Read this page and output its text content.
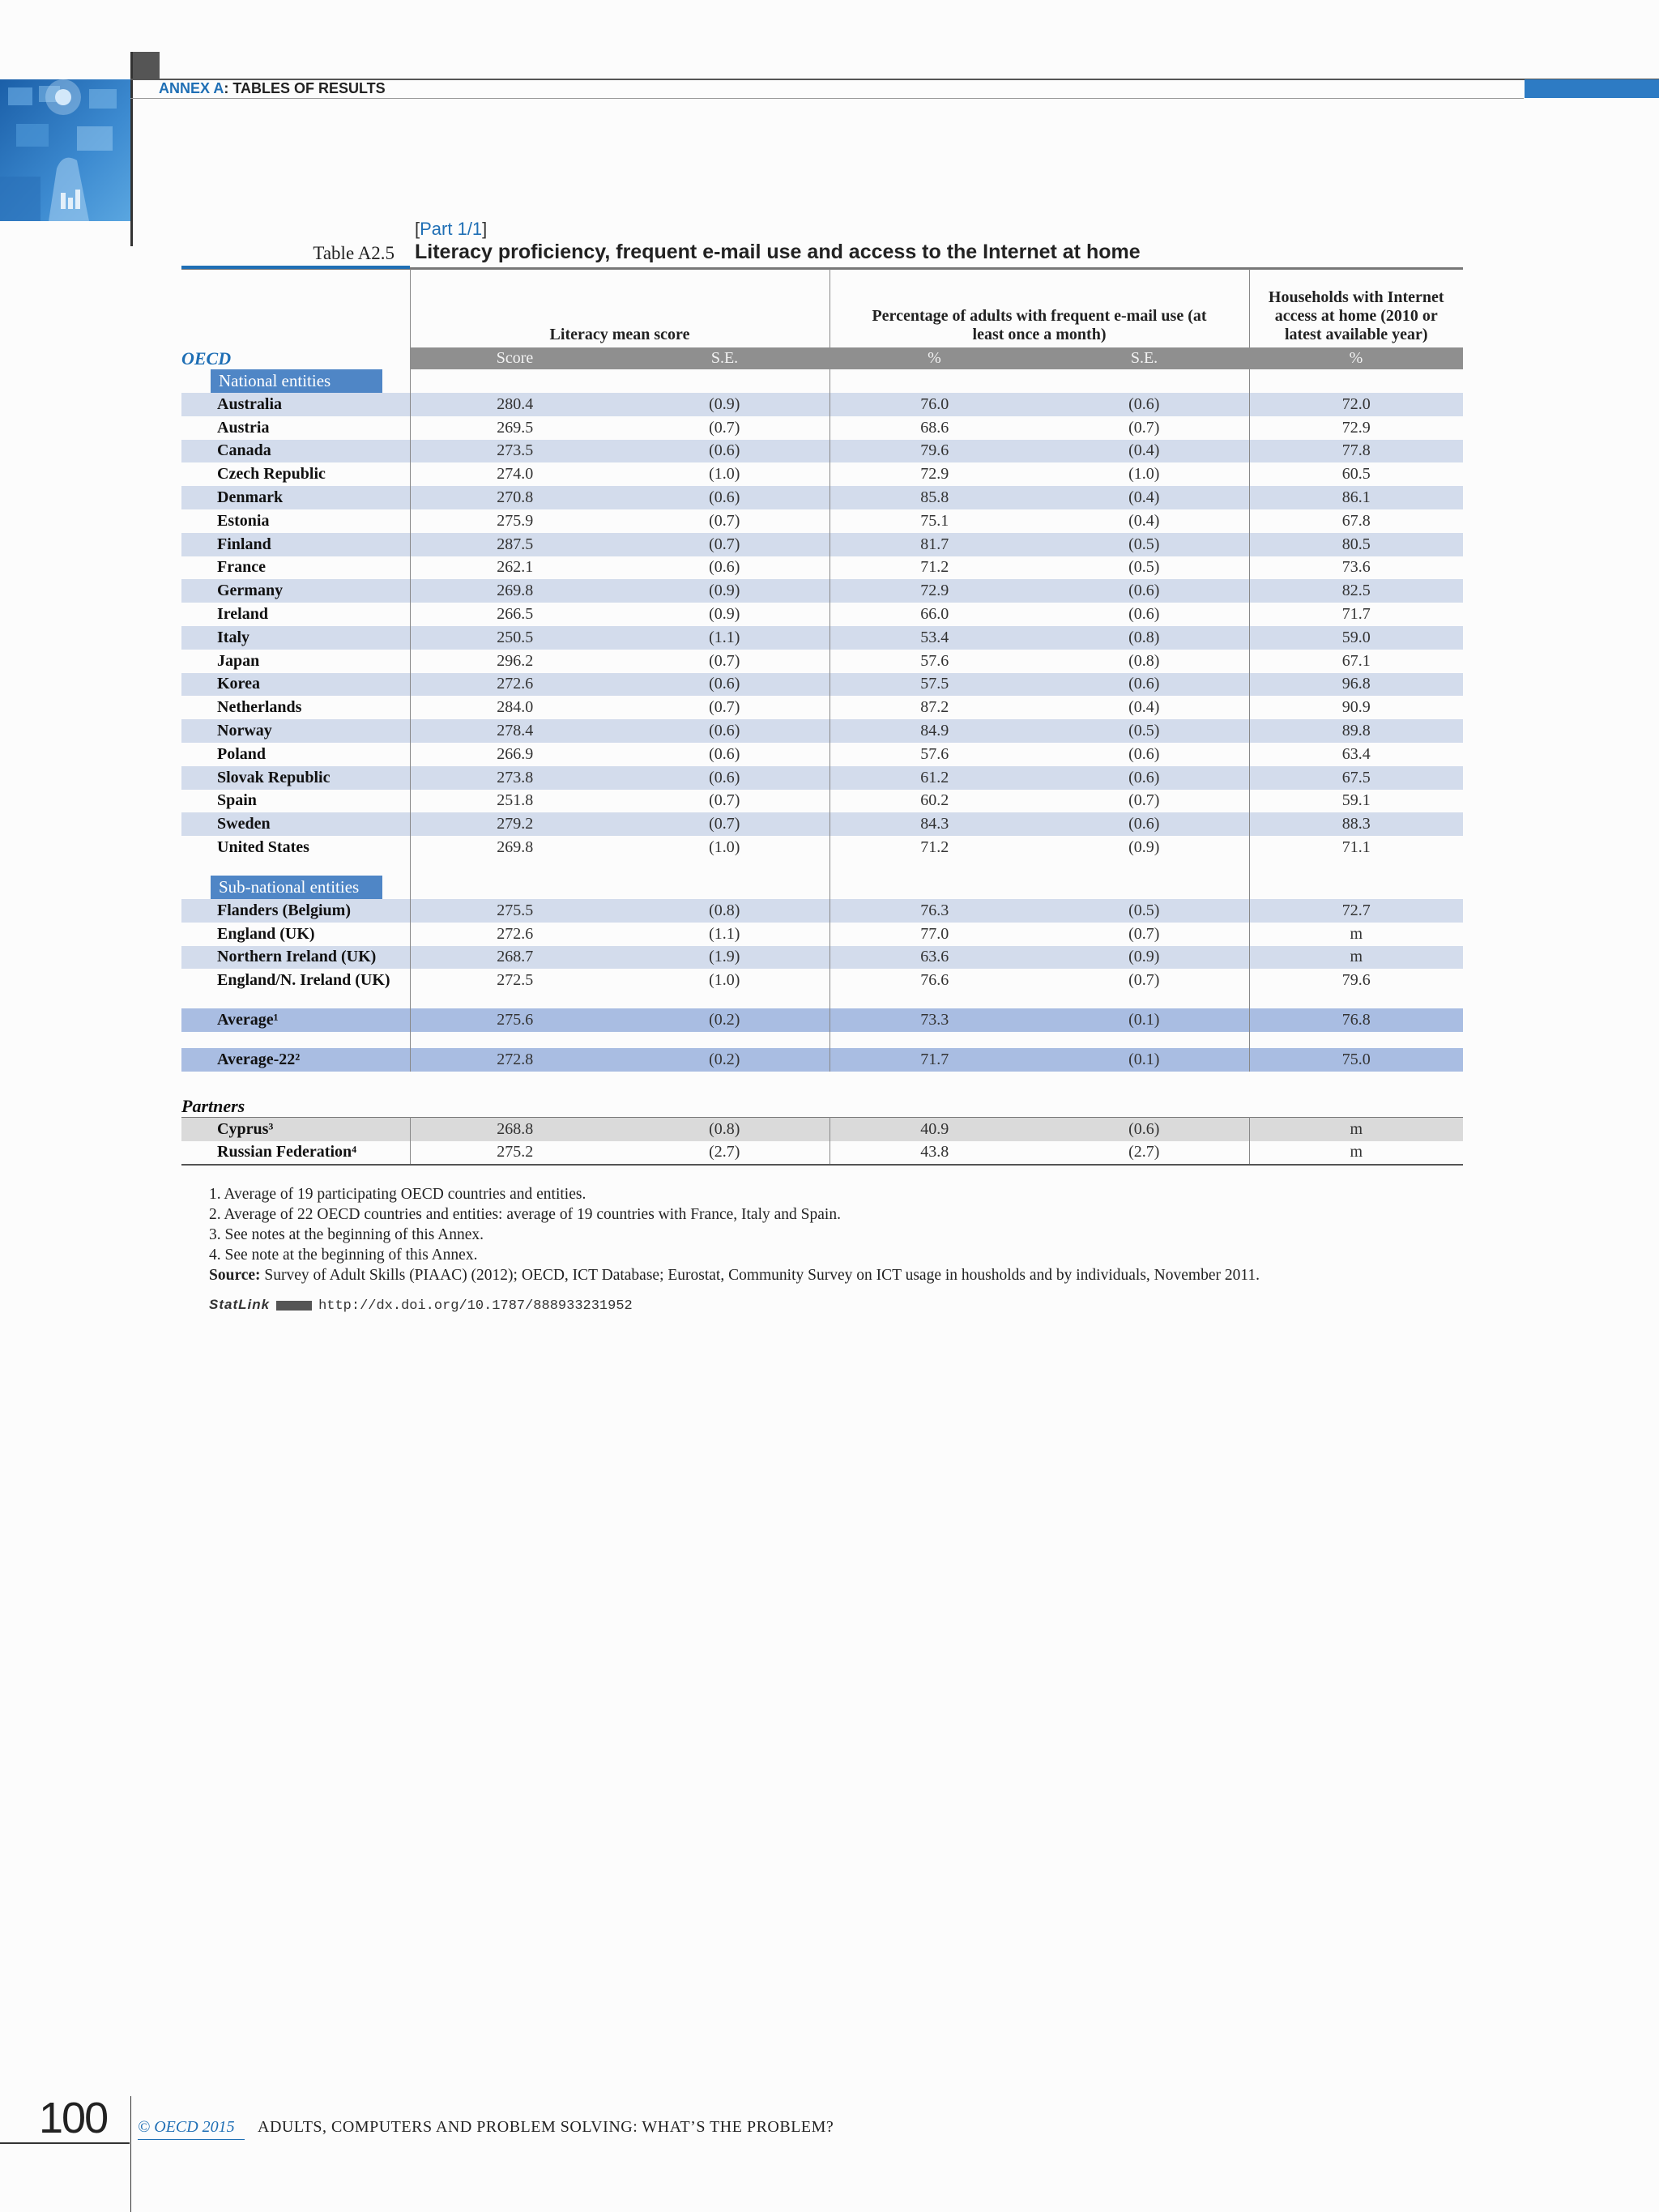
ANNEX A: TABLES OF RESULTS
[Part 1/1]
Table A2.5 Literacy proficiency, frequent e-mail use and access to the Internet at home
	Literacy mean score		Percentage of adults with frequent e-mail use (at least once a month)		Households with Internet access at home (2010 or latest available year)
OECD	Score	S.E.	%	S.E.	%

National entities					

Australia	280.4	(0.9)	76.0	(0.6)	72.0
Austria	269.5	(0.7)	68.6	(0.7)	72.9
Canada	273.5	(0.6)	79.6	(0.4)	77.8
Czech Republic	274.0	(1.0)	72.9	(1.0)	60.5
Denmark	270.8	(0.6)	85.8	(0.4)	86.1
Estonia	275.9	(0.7)	75.1	(0.4)	67.8
Finland	287.5	(0.7)	81.7	(0.5)	80.5
France	262.1	(0.6)	71.2	(0.5)	73.6
Germany	269.8	(0.9)	72.9	(0.6)	82.5
Ireland	266.5	(0.9)	66.0	(0.6)	71.7
Italy	250.5	(1.1)	53.4	(0.8)	59.0
Japan	296.2	(0.7)	57.6	(0.8)	67.1
Korea	272.6	(0.6)	57.5	(0.6)	96.8
Netherlands	284.0	(0.7)	87.2	(0.4)	90.9
Norway	278.4	(0.6)	84.9	(0.5)	89.8
Poland	266.9	(0.6)	57.6	(0.6)	63.4
Slovak Republic	273.8	(0.6)	61.2	(0.6)	67.5
Spain	251.8	(0.7)	60.2	(0.7)	59.1
Sweden	279.2	(0.7)	84.3	(0.6)	88.3
United States	269.8	(1.0)	71.2	(0.9)	71.1

Sub-national entities					

Flanders (Belgium)	275.5	(0.8)	76.3	(0.5)	72.7
England (UK)	272.6	(1.1)	77.0	(0.7)	m
Northern Ireland (UK)	268.7	(1.9)	63.6	(0.9)	m
England/N. Ireland (UK)	272.5	(1.0)	76.6	(0.7)	79.6

Average¹	275.6	(0.2)	73.3	(0.1)	76.8

Average-22²	272.8	(0.2)	71.7	(0.1)	75.0
Partners					
Cyprus³	268.8	(0.8)	40.9	(0.6)	m
Russian Federation⁴	275.2	(2.7)	43.8	(2.7)	m
1. Average of 19 participating OECD countries and entities.
2. Average of 22 OECD countries and entities: average of 19 countries with France, Italy and Spain.
3. See notes at the beginning of this Annex.
4. See note at the beginning of this Annex.
Source: Survey of Adult Skills (PIAAC) (2012); OECD, ICT Database; Eurostat, Community Survey on ICT usage in housholds and by individuals, November 2011.
StatLink	http://dx.doi.org/10.1787/888933231952
100 © OECD 2015 ADULTS, COMPUTERS AND PROBLEM SOLVING: WHAT’S THE PROBLEM?
